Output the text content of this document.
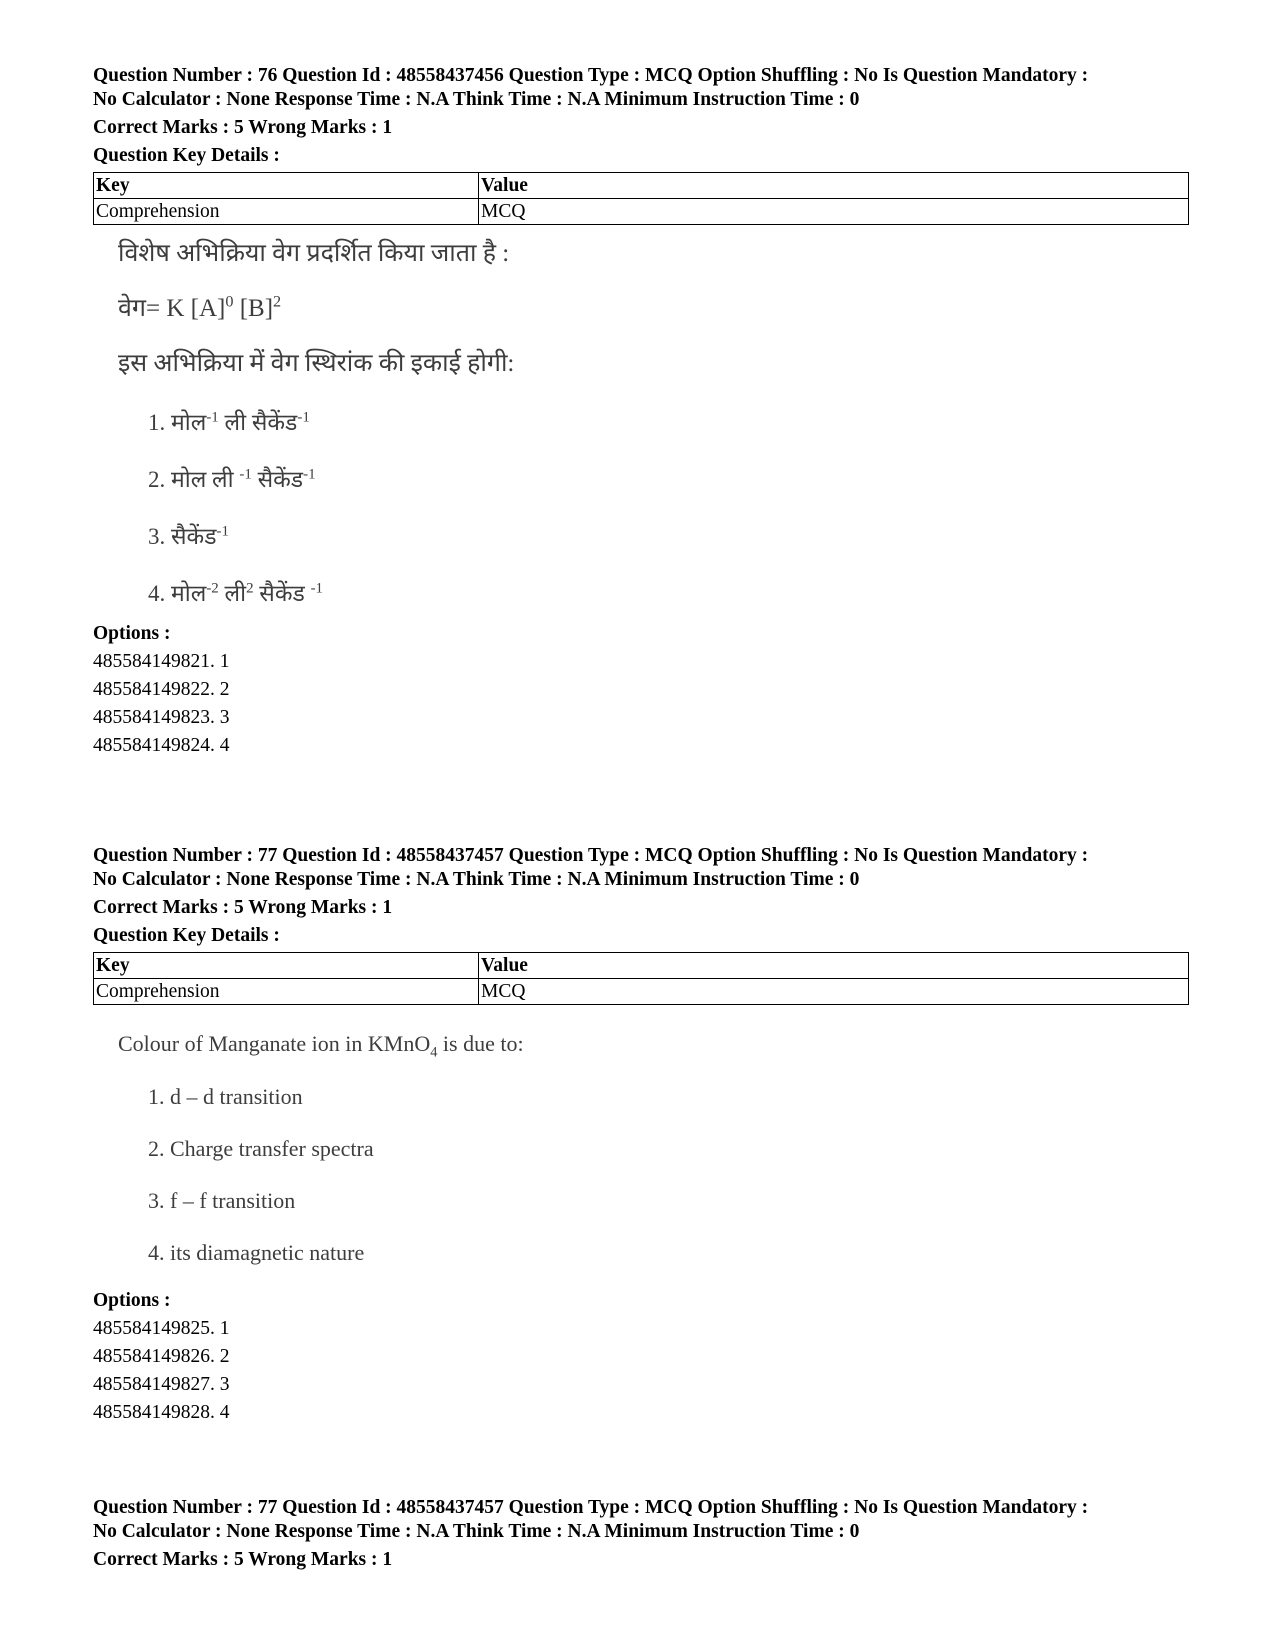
Question Number : 76 Question Id : 48558437456 Question Type : MCQ Option Shuffling : No Is Question Mandatory :

No Calculator : None Response Time : N.A Think Time : N.A Minimum Instruction Time : 0

Correct Marks : 5 Wrong Marks : 1
Question Key Details :
Key	Value
Comprehension	MCQ
विशेष अभिक्रिया वेग प्रदर्शित किया जाता है :
वेग= K $[A]^0$ $[B]^2$
इस अभिक्रिया में वेग स्थिरांक की इकाई होगी:
1. मोल$^{-1}$ ली सैकेंड$^{-1}$
2. मोल ली $^{-1}$ सैकेंड$^{-1}$
3. सैकेंड$^{-1}$
4. मोल$^{-2}$ ली$^2$ सैकेंड $^{-1}$
Options :
485584149821. 1
485584149822. 2
485584149823. 3
485584149824. 4

Question Number : 77 Question Id : 48558437457 Question Type : MCQ Option Shuffling : No Is Question Mandatory :

No Calculator : None Response Time : N.A Think Time : N.A Minimum Instruction Time : 0

Correct Marks : 5 Wrong Marks : 1
Question Key Details :
Key	Value
Comprehension	MCQ
Colour of Manganate ion in KMnO$_4$ is due to:
1. d – d transition
2. Charge transfer spectra
3. f – f transition
4. its diamagnetic nature
Options :
485584149825. 1
485584149826. 2
485584149827. 3
485584149828. 4

Question Number : 77 Question Id : 48558437457 Question Type : MCQ Option Shuffling : No Is Question Mandatory :

No Calculator : None Response Time : N.A Think Time : N.A Minimum Instruction Time : 0

Correct Marks : 5 Wrong Marks : 1
